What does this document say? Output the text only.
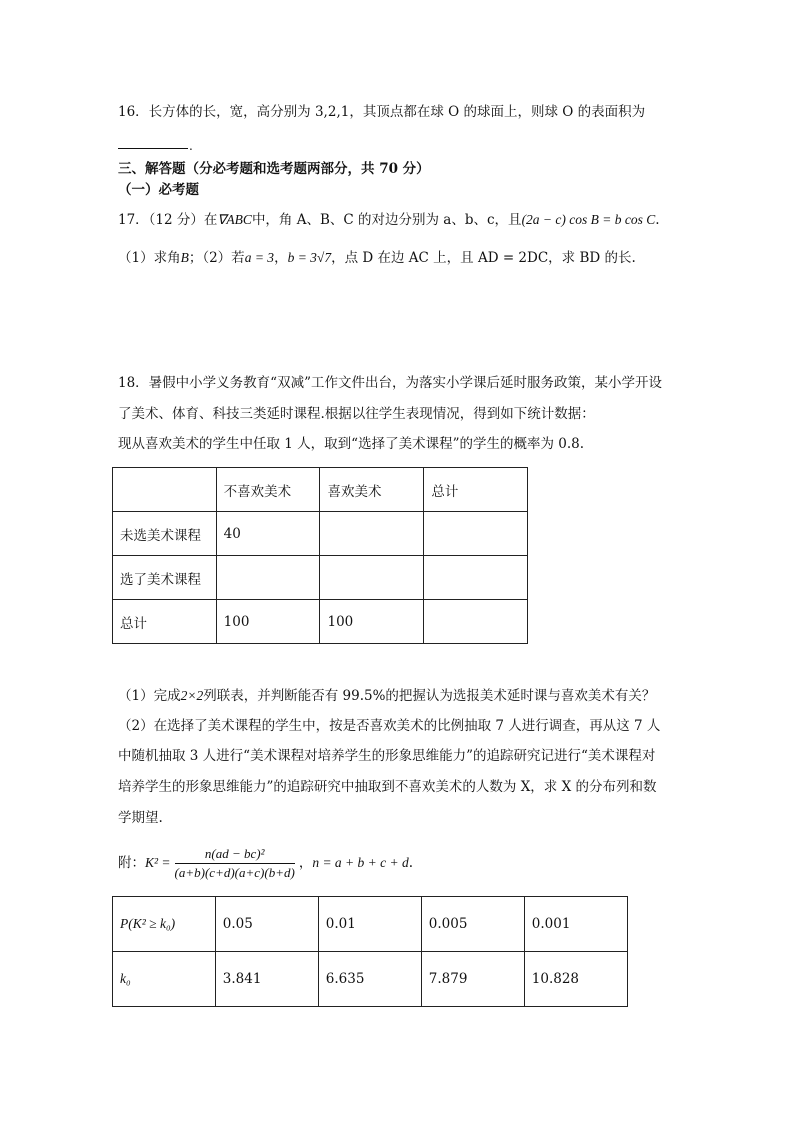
16．长方体的长，宽，高分别为 3,2,1，其顶点都在球 O 的球面上，则球 O 的表面积为
.
三、解答题（分必考题和选考题两部分，共 70 分）
（一）必考题
17．（12 分）在∇ABC中，角 A、B、C 的对边分别为 a、b、c，且(2a − c) cos B = b cos C.
（1）求角B；（2）若a = 3，b = 3√7，点 D 在边 AC 上，且 AD = 2DC，求 BD 的长.
18．暑假中小学义务教育“双减”工作文件出台，为落实小学课后延时服务政策，某小学开设
了美术、体育、科技三类延时课程.根据以往学生表现情况，得到如下统计数据：
现从喜欢美术的学生中任取 1 人，取到“选择了美术课程”的学生的概率为 0.8.
	不喜欢美术	喜欢美术	总计
未选美术课程	40		
选了美术课程			
总计	100	100	
（1）完成2×2列联表，并判断能否有 99.5%的把握认为选报美术延时课与喜欢美术有关？
（2）在选择了美术课程的学生中，按是否喜欢美术的比例抽取 7 人进行调查，再从这 7 人
中随机抽取 3 人进行“美术课程对培养学生的形象思维能力”的追踪研究记进行“美术课程对
培养学生的形象思维能力”的追踪研究中抽取到不喜欢美术的人数为 X，求 X 的分布列和数
学期望.
附：$K^2 = \frac{\text{n(ad − bc)²}}{(a+b)(c+d)(a+c)(b+d)}$ ，n = a + b + c + d.
P(K² ≥ k₀)	0.05	0.01	0.005	0.001
k₀	3.841	6.635	7.879	10.828
